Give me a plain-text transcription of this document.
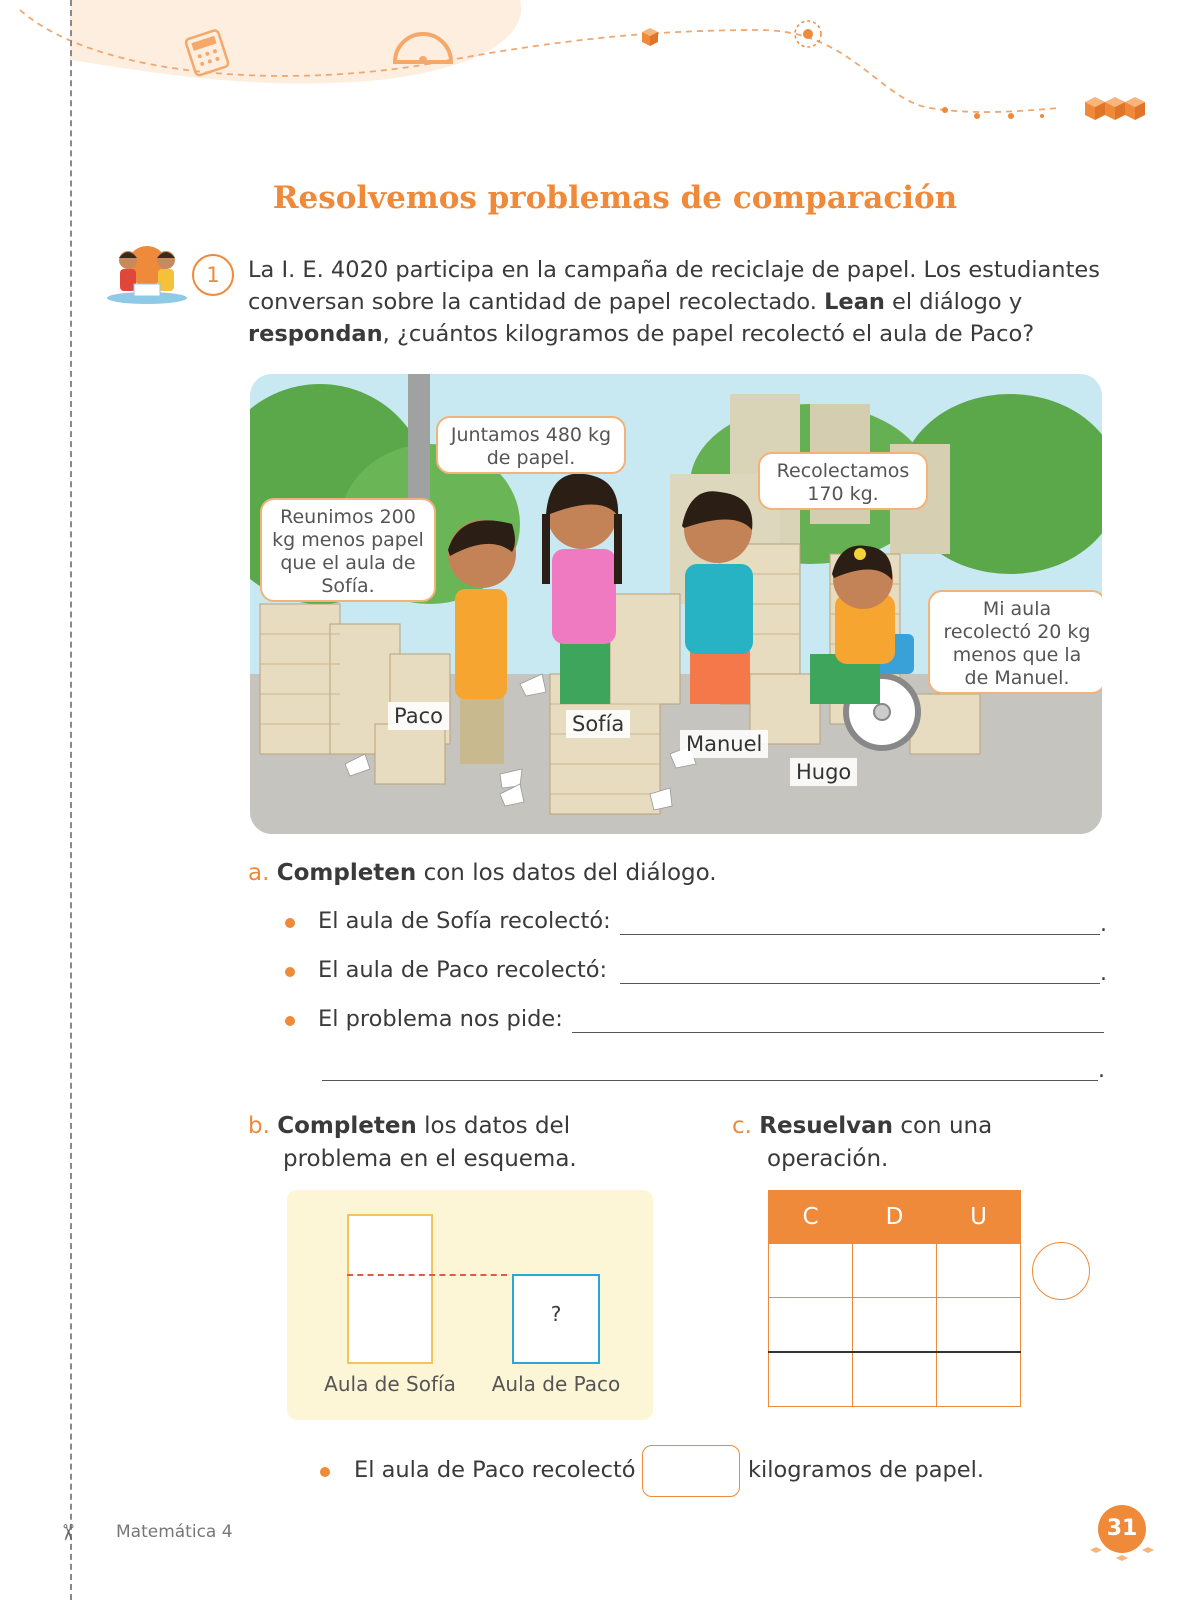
Resolvemos problemas de comparación
1	La I. E. 4020 participa en la campaña de reciclaje de papel. Los estudiantes conversan sobre la cantidad de papel recolectado. Lean el diálogo y respondan, ¿cuántos kilogramos de papel recolectó el aula de Paco?
Reunimos 200 kg menos papel que el aula de Sofía.
Juntamos 480 kg de papel.
Recolectamos 170 kg.
Mi aula recolectó 20 kg menos que la de Manuel.
Paco	Sofía
Manuel
Hugo
a. Completen con los datos del diálogo.
El aula de Sofía recolectó:	.
El aula de Paco recolectó:	.
El problema nos pide:
.
b. Completen los datos del
problema en el esquema.
?
Aula de Sofía	Aula de Paco
c. Resuelvan con una
operación.
C	D	U

El aula de Paco recolectó	kilogramos de papel.
✂ Matemática 4	31
